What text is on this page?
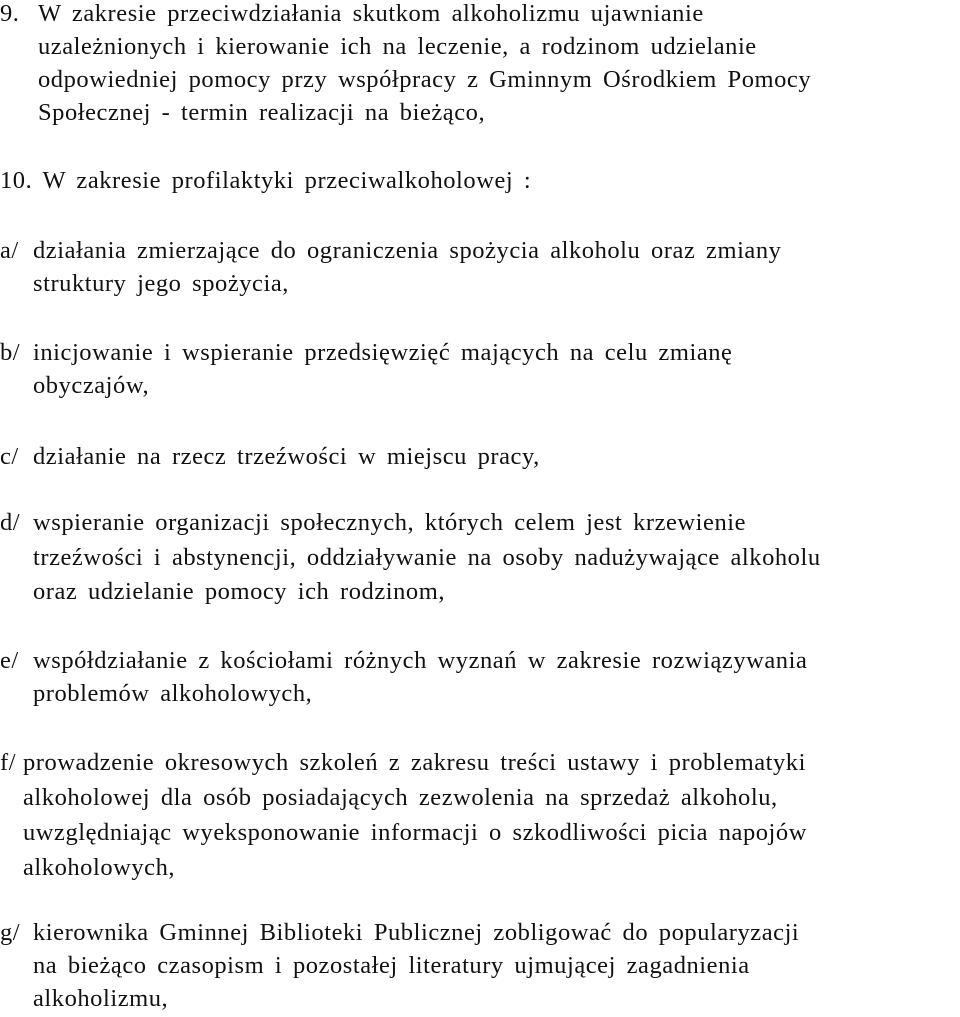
9. W zakresie przeciwdziałania skutkom alkoholizmu ujawnianie
uzależnionych i kierowanie ich na leczenie, a rodzinom udzielanie
odpowiedniej pomocy przy współpracy z Gminnym Ośrodkiem Pomocy
Społecznej - termin realizacji na bieżąco,
10. W zakresie profilaktyki przeciwalkoholowej :
a/ działania zmierzające do ograniczenia spożycia alkoholu oraz zmiany
struktury jego spożycia,
b/ inicjowanie i wspieranie przedsięwzięć mających na celu zmianę
obyczajów,
c/ działanie na rzecz trzeźwości w miejscu pracy,
d/ wspieranie organizacji społecznych, których celem jest krzewienie
trzeźwości i abstynencji, oddziaływanie na osoby nadużywające alkoholu
oraz udzielanie pomocy ich rodzinom,
e/ współdziałanie z kościołami różnych wyznań w zakresie rozwiązywania
problemów alkoholowych,
f/ prowadzenie okresowych szkoleń z zakresu treści ustawy i problematyki
alkoholowej dla osób posiadających zezwolenia na sprzedaż alkoholu,
uwzględniając wyeksponowanie informacji o szkodliwości picia napojów
alkoholowych,
g/ kierownika Gminnej Biblioteki Publicznej zobligować do popularyzacji
na bieżąco czasopism i pozostałej literatury ujmującej zagadnienia
alkoholizmu,
